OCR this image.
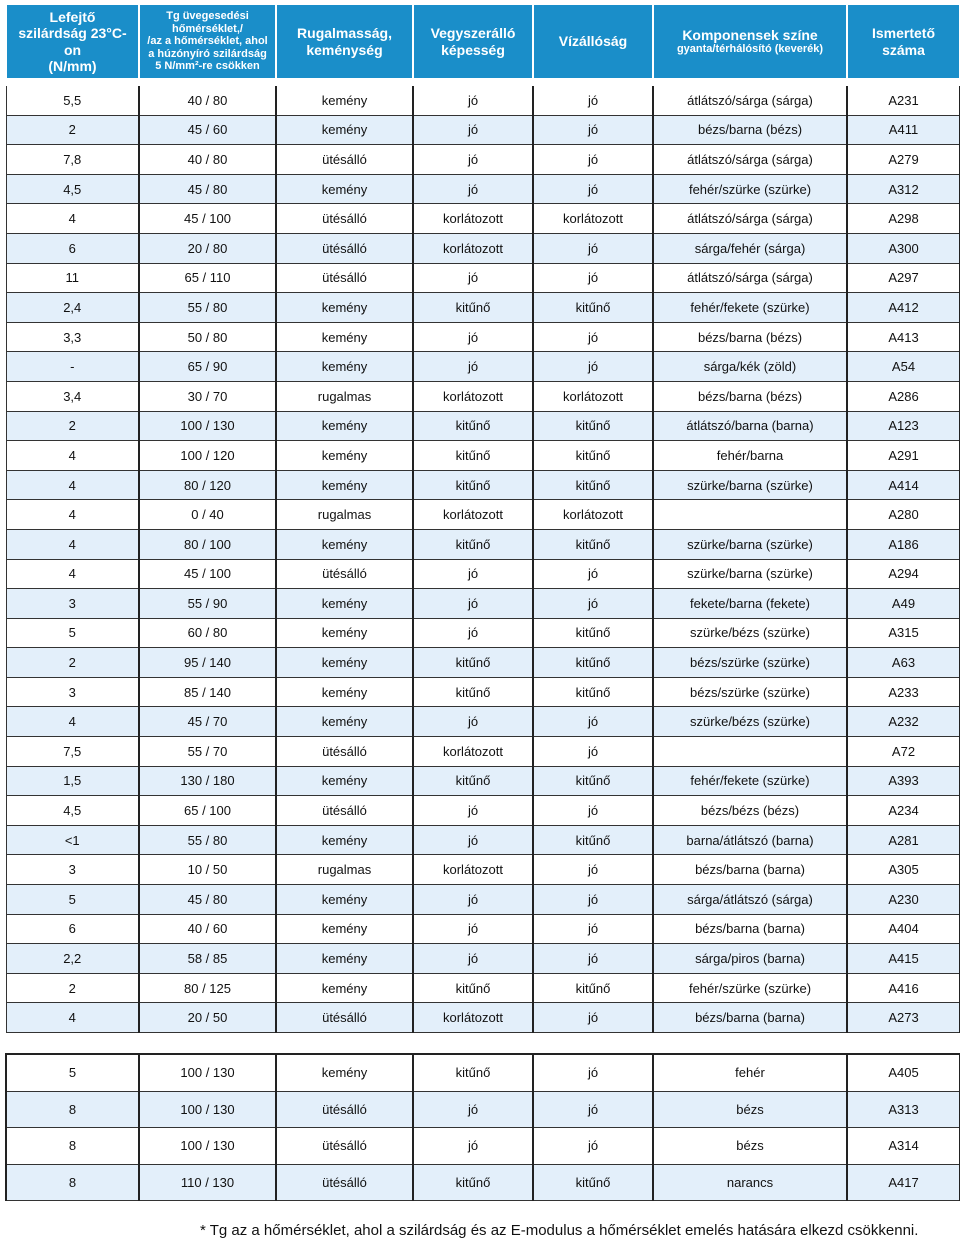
Lefejtő
szilárdság 23°C-
on
(N/mm)	Tg üvegesedési
hőmérséklet,/
/az a hőmérséklet, ahol
a húzónyíró szilárdság
5 N/mm²-re csökken	Rugalmasság,
keménység	Vegyszerálló
képesség	Vízállóság	Komponensek színe
gyanta/térhálósító (keverék)	Ismertető
száma

5,5	40 / 80	kemény	jó	jó	átlátszó/sárga (sárga)	A231
2	45 / 60	kemény	jó	jó	bézs/barna (bézs)	A411
7,8	40 / 80	ütésálló	jó	jó	átlátszó/sárga (sárga)	A279
4,5	45 / 80	kemény	jó	jó	fehér/szürke (szürke)	A312
4	45 / 100	ütésálló	korlátozott	korlátozott	átlátszó/sárga (sárga)	A298
6	20 / 80	ütésálló	korlátozott	jó	sárga/fehér (sárga)	A300
11	65 / 110	ütésálló	jó	jó	átlátszó/sárga (sárga)	A297
2,4	55 / 80	kemény	kitűnő	kitűnő	fehér/fekete (szürke)	A412
3,3	50 / 80	kemény	jó	jó	bézs/barna (bézs)	A413
-	65 / 90	kemény	jó	jó	sárga/kék (zöld)	A54
3,4	30 / 70	rugalmas	korlátozott	korlátozott	bézs/barna (bézs)	A286
2	100 / 130	kemény	kitűnő	kitűnő	átlátszó/barna (barna)	A123
4	100 / 120	kemény	kitűnő	kitűnő	fehér/barna	A291
4	80 / 120	kemény	kitűnő	kitűnő	szürke/barna (szürke)	A414
4	0 / 40	rugalmas	korlátozott	korlátozott		A280
4	80 / 100	kemény	kitűnő	kitűnő	szürke/barna (szürke)	A186
4	45 / 100	ütésálló	jó	jó	szürke/barna (szürke)	A294
3	55 / 90	kemény	jó	jó	fekete/barna (fekete)	A49
5	60 / 80	kemény	jó	kitűnő	szürke/bézs (szürke)	A315
2	95 / 140	kemény	kitűnő	kitűnő	bézs/szürke (szürke)	A63
3	85 / 140	kemény	kitűnő	kitűnő	bézs/szürke (szürke)	A233
4	45 / 70	kemény	jó	jó	szürke/bézs (szürke)	A232
7,5	55 / 70	ütésálló	korlátozott	jó		A72
1,5	130 / 180	kemény	kitűnő	kitűnő	fehér/fekete (szürke)	A393
4,5	65 / 100	ütésálló	jó	jó	bézs/bézs (bézs)	A234
<1	55 / 80	kemény	jó	kitűnő	barna/átlátszó (barna)	A281
3	10 / 50	rugalmas	korlátozott	jó	bézs/barna (barna)	A305
5	45 / 80	kemény	jó	jó	sárga/átlátszó (sárga)	A230
6	40 / 60	kemény	jó	jó	bézs/barna (barna)	A404
2,2	58 / 85	kemény	jó	jó	sárga/piros (barna)	A415
2	80 / 125	kemény	kitűnő	kitűnő	fehér/szürke (szürke)	A416
4	20 / 50	ütésálló	korlátozott	jó	bézs/barna (barna)	A273
5	100 / 130	kemény	kitűnő	jó	fehér	A405
8	100 / 130	ütésálló	jó	jó	bézs	A313
8	100 / 130	ütésálló	jó	jó	bézs	A314
8	110 / 130	ütésálló	kitűnő	kitűnő	narancs	A417
* Tg az a hőmérséklet, ahol a szilárdság és az E-modulus a hőmérséklet emelés hatására elkezd csökkenni.
